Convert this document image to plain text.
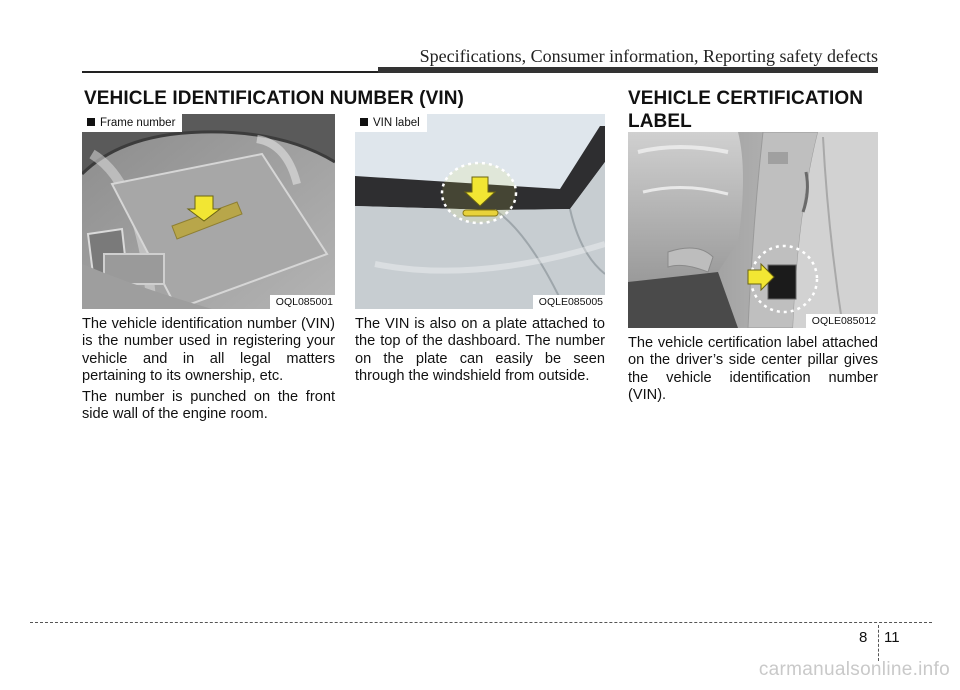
Specifications, Consumer information, Reporting safety defects
VEHICLE IDENTIFICATION NUMBER (VIN)	VEHICLE CERTIFICATION LABEL
Frame number
OQL085001
VIN label
OQLE085005
OQLE085012

The vehicle identification number (VIN) is the number used in registering your vehicle and in all legal matters pertaining to its ownership, etc.

The number is punched on the front side wall of the engine room.

The VIN is also on a plate attached to the top of the dashboard. The number on the plate can easily be seen through the windshield from outside.

The vehicle certification label attached on the driver’s side center pillar gives the vehicle identification number (VIN).

8 11
carmanualsonline.info
